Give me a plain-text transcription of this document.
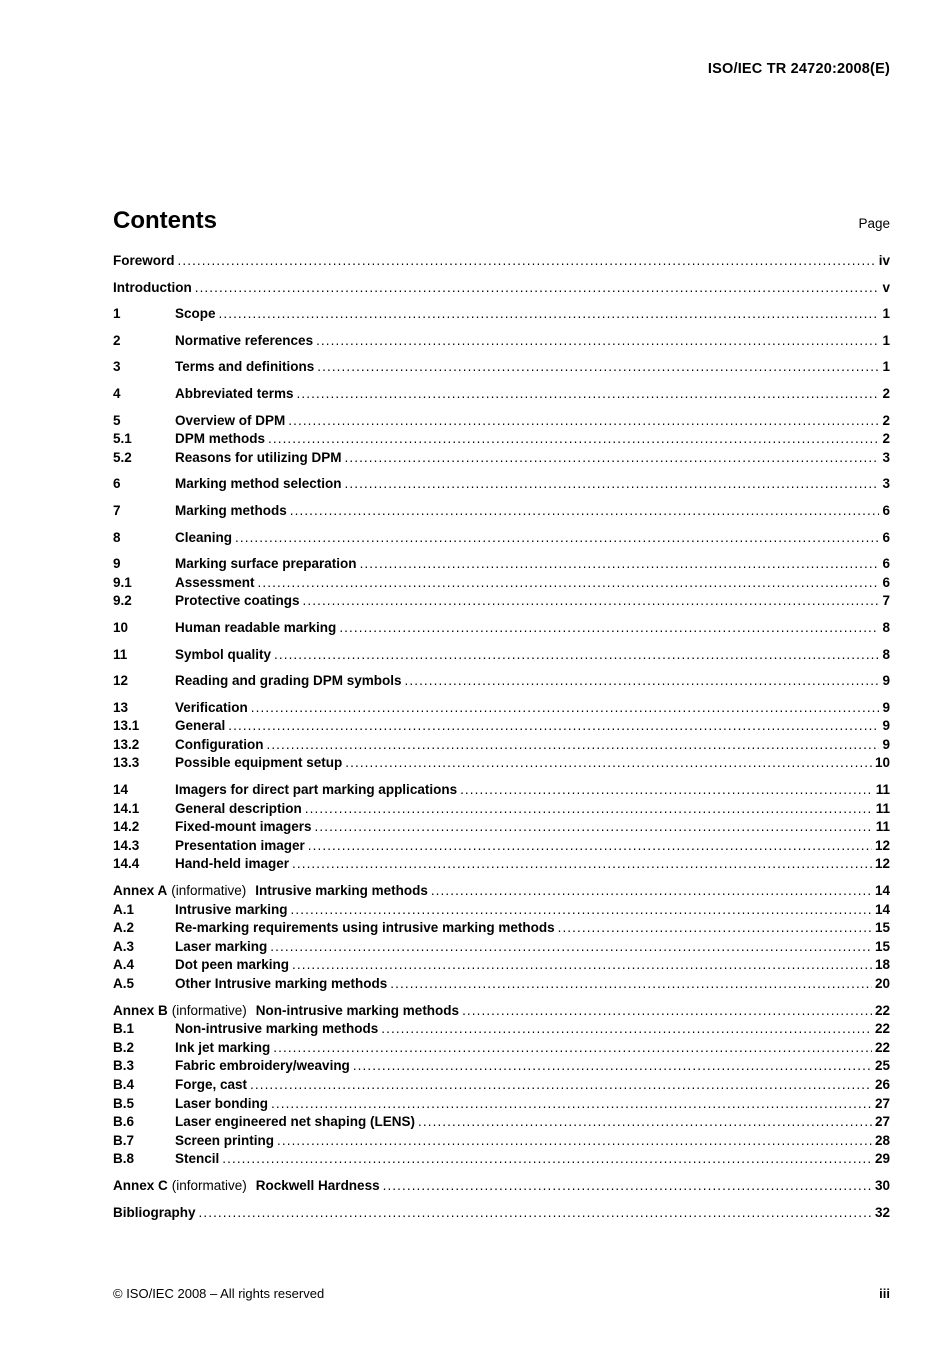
ISO/IEC TR 24720:2008(E)
Contents	Page
Foreword .....	iv
Introduction .....	v
1	Scope .....	1
2	Normative references .....	1
3	Terms and definitions .....	1
4	Abbreviated terms .....	2
5	Overview of DPM .....	2
5.1	DPM methods .....	2
5.2	Reasons for utilizing DPM .....	3
6	Marking method selection .....	3
7	Marking methods .....	6
8	Cleaning .....	6
9	Marking surface preparation .....	6
9.1	Assessment .....	6
9.2	Protective coatings .....	7
10	Human readable marking .....	8
11	Symbol quality .....	8
12	Reading and grading DPM symbols .....	9
13	Verification .....	9
13.1	General .....	9
13.2	Configuration .....	9
13.3	Possible equipment setup .....	10
14	Imagers for direct part marking applications .....	11
14.1	General description .....	11
14.2	Fixed-mount imagers .....	11
14.3	Presentation imager .....	12
14.4	Hand-held imager .....	12
Annex A (informative) Intrusive marking methods .....	14
A.1	Intrusive marking .....	14
A.2	Re-marking requirements using intrusive marking methods .....	15
A.3	Laser marking .....	15
A.4	Dot peen marking .....	18
A.5	Other Intrusive marking methods .....	20
Annex B (informative) Non-intrusive marking methods .....	22
B.1	Non-intrusive marking methods .....	22
B.2	Ink jet marking .....	22
B.3	Fabric embroidery/weaving .....	25
B.4	Forge, cast .....	26
B.5	Laser bonding .....	27
B.6	Laser engineered net shaping (LENS) .....	27
B.7	Screen printing .....	28
B.8	Stencil .....	29
Annex C (informative) Rockwell Hardness .....	30
Bibliography .....	32
© ISO/IEC 2008 – All rights reserved	iii
